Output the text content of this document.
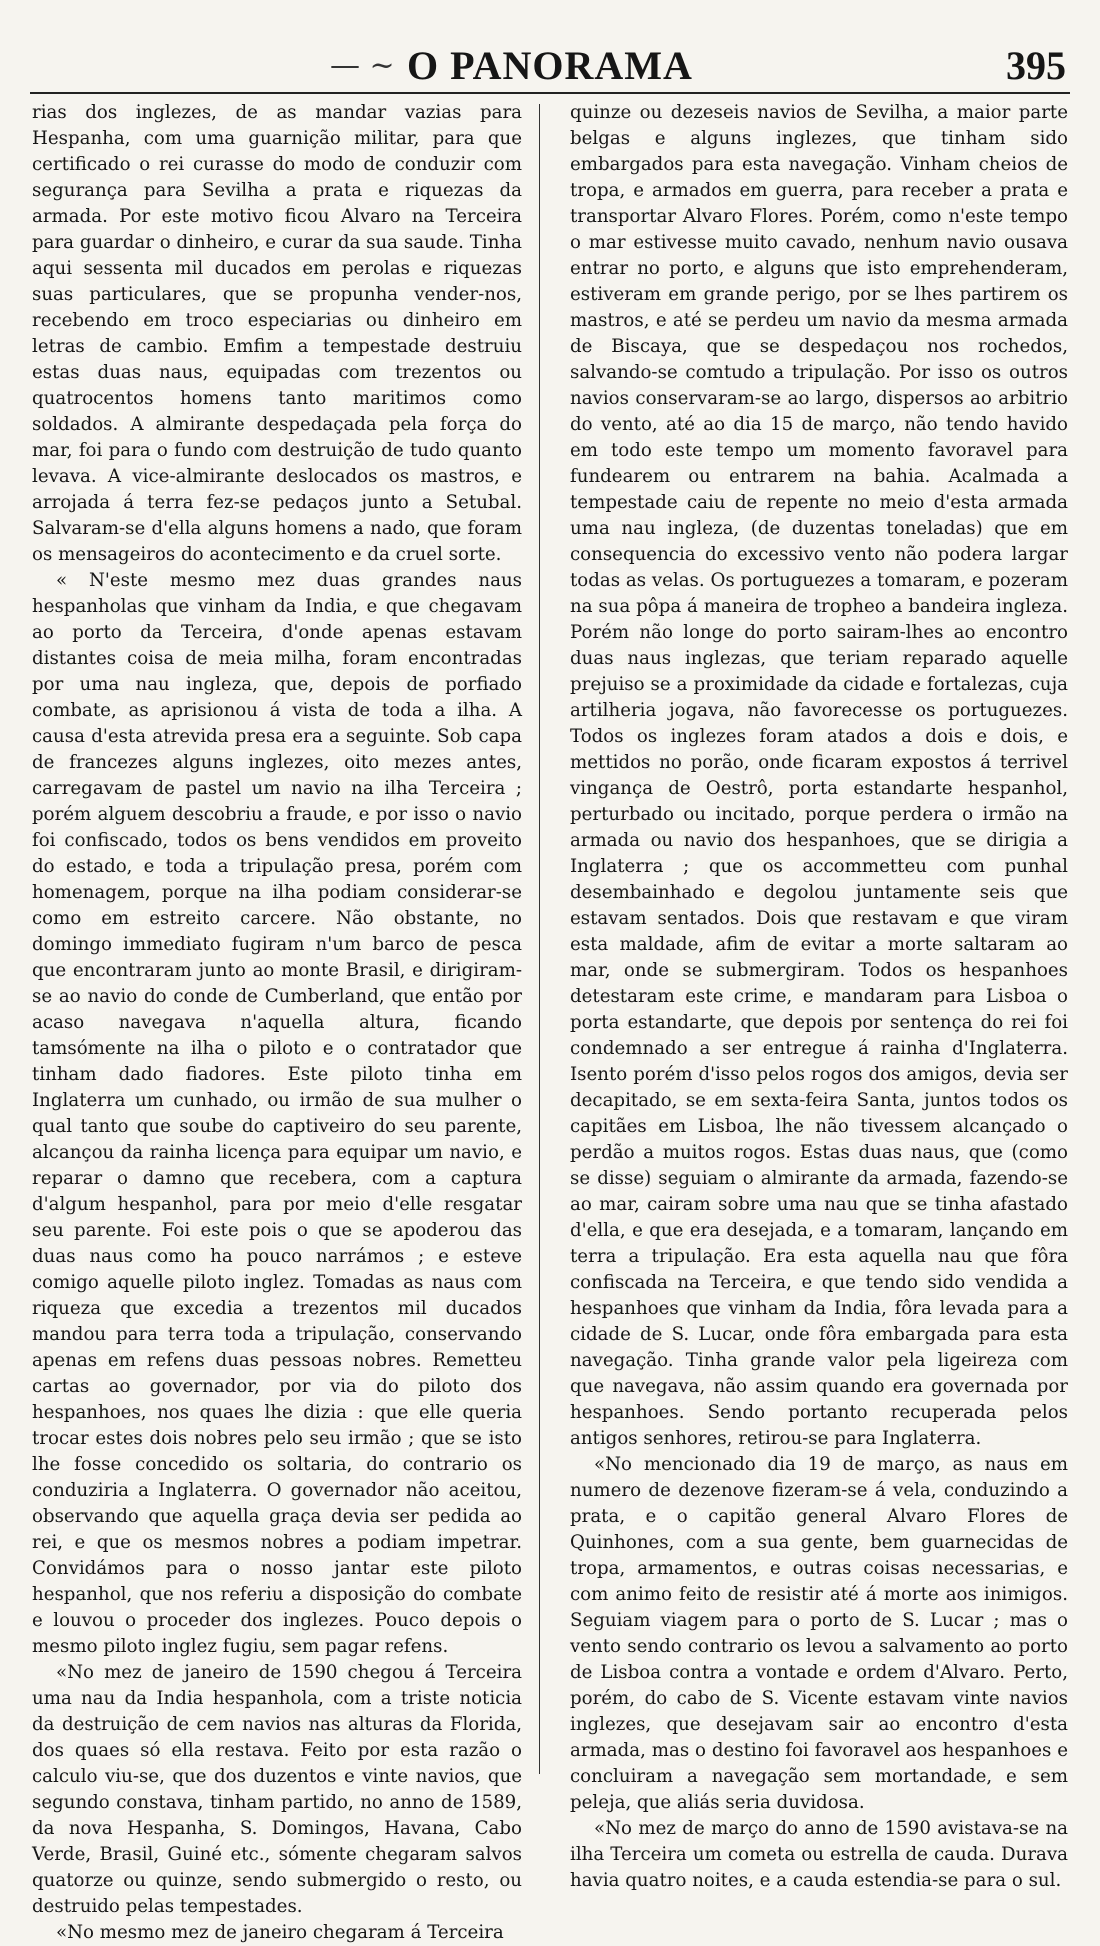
— ~ O PANORAMA	395

rias dos inglezes, de as mandar vazias para Hespanha, com uma guarnição militar, para que certificado o rei curasse do modo de conduzir com segurança para Sevilha a prata e riquezas da armada. Por este motivo ficou Alvaro na Terceira para guardar o dinheiro, e curar da sua saude. Tinha aqui sessenta mil ducados em perolas e riquezas suas particulares, que se propunha vender-nos, recebendo em troco especiarias ou dinheiro em letras de cambio. Emfim a tempestade destruiu estas duas naus, equipadas com trezentos ou quatrocentos homens tanto maritimos como soldados. A almirante despedaçada pela força do mar, foi para o fundo com destruição de tudo quanto levava. A vice-almirante deslocados os mastros, e arrojada á terra fez-se pedaços junto a Setubal. Salvaram-se d'ella alguns homens a nado, que foram os mensageiros do acontecimento e da cruel sorte.

« N'este mesmo mez duas grandes naus hespanholas que vinham da India, e que chegavam ao porto da Terceira, d'onde apenas estavam distantes coisa de meia milha, foram encontradas por uma nau ingleza, que, depois de porfiado combate, as aprisionou á vista de toda a ilha. A causa d'esta atrevida presa era a seguinte. Sob capa de francezes alguns inglezes, oito mezes antes, carregavam de pastel um navio na ilha Terceira ; porém alguem descobriu a fraude, e por isso o navio foi confiscado, todos os bens vendidos em proveito do estado, e toda a tripulação presa, porém com homenagem, porque na ilha podiam considerar-se como em estreito carcere. Não obstante, no domingo immediato fugiram n'um barco de pesca que encontraram junto ao monte Brasil, e dirigiram-se ao navio do conde de Cumberland, que então por acaso navegava n'aquella altura, ficando tamsómente na ilha o piloto e o contratador que tinham dado fiadores. Este piloto tinha em Inglaterra um cunhado, ou irmão de sua mulher o qual tanto que soube do captiveiro do seu parente, alcançou da rainha licença para equipar um navio, e reparar o damno que recebera, com a captura d'algum hespanhol, para por meio d'elle resgatar seu parente. Foi este pois o que se apoderou das duas naus como ha pouco narrámos ; e esteve comigo aquelle piloto inglez. Tomadas as naus com riqueza que excedia a trezentos mil ducados mandou para terra toda a tripulação, conservando apenas em refens duas pessoas nobres. Remetteu cartas ao governador, por via do piloto dos hespanhoes, nos quaes lhe dizia : que elle queria trocar estes dois nobres pelo seu irmão ; que se isto lhe fosse concedido os soltaria, do contrario os conduziria a Inglaterra. O governador não aceitou, observando que aquella graça devia ser pedida ao rei, e que os mesmos nobres a podiam impetrar. Convidámos para o nosso jantar este piloto hespanhol, que nos referiu a disposição do combate e louvou o proceder dos inglezes. Pouco depois o mesmo piloto inglez fugiu, sem pagar refens.

«No mez de janeiro de 1590 chegou á Terceira uma nau da India hespanhola, com a triste noticia da destruição de cem navios nas alturas da Florida, dos quaes só ella restava. Feito por esta razão o calculo viu-se, que dos duzentos e vinte navios, que segundo constava, tinham partido, no anno de 1589, da nova Hespanha, S. Domingos, Havana, Cabo Verde, Brasil, Guiné etc., sómente chegaram salvos quatorze ou quinze, sendo submergido o resto, ou destruido pelas tempestades.

«No mesmo mez de janeiro chegaram á Terceira

quinze ou dezeseis navios de Sevilha, a maior parte belgas e alguns inglezes, que tinham sido embargados para esta navegação. Vinham cheios de tropa, e armados em guerra, para receber a prata e transportar Alvaro Flores. Porém, como n'este tempo o mar estivesse muito cavado, nenhum navio ousava entrar no porto, e alguns que isto emprehenderam, estiveram em grande perigo, por se lhes partirem os mastros, e até se perdeu um navio da mesma armada de Biscaya, que se despedaçou nos rochedos, salvando-se comtudo a tripulação. Por isso os outros navios conservaram-se ao largo, dispersos ao arbitrio do vento, até ao dia 15 de março, não tendo havido em todo este tempo um momento favoravel para fundearem ou entrarem na bahia. Acalmada a tempestade caiu de repente no meio d'esta armada uma nau ingleza, (de duzentas toneladas) que em consequencia do excessivo vento não podera largar todas as velas. Os portuguezes a tomaram, e pozeram na sua pôpa á maneira de tropheo a bandeira ingleza. Porém não longe do porto sairam-lhes ao encontro duas naus inglezas, que teriam reparado aquelle prejuiso se a proximidade da cidade e fortalezas, cuja artilheria jogava, não favorecesse os portuguezes. Todos os inglezes foram atados a dois e dois, e mettidos no porão, onde ficaram expostos á terrivel vingança de Oestrô, porta estandarte hespanhol, perturbado ou incitado, porque perdera o irmão na armada ou navio dos hespanhoes, que se dirigia a Inglaterra ; que os accommetteu com punhal desembainhado e degolou juntamente seis que estavam sentados. Dois que restavam e que viram esta maldade, afim de evitar a morte saltaram ao mar, onde se submergiram. Todos os hespanhoes detestaram este crime, e mandaram para Lisboa o porta estandarte, que depois por sentença do rei foi condemnado a ser entregue á rainha d'Inglaterra. Isento porém d'isso pelos rogos dos amigos, devia ser decapitado, se em sexta-feira Santa, juntos todos os capitães em Lisboa, lhe não tivessem alcançado o perdão a muitos rogos. Estas duas naus, que (como se disse) seguiam o almirante da armada, fazendo-se ao mar, cairam sobre uma nau que se tinha afastado d'ella, e que era desejada, e a tomaram, lançando em terra a tripulação. Era esta aquella nau que fôra confiscada na Terceira, e que tendo sido vendida a hespanhoes que vinham da India, fôra levada para a cidade de S. Lucar, onde fôra embargada para esta navegação. Tinha grande valor pela ligeireza com que navegava, não assim quando era governada por hespanhoes. Sendo portanto recuperada pelos antigos senhores, retirou-se para Inglaterra.

«No mencionado dia 19 de março, as naus em numero de dezenove fizeram-se á vela, conduzindo a prata, e o capitão general Alvaro Flores de Quinhones, com a sua gente, bem guarnecidas de tropa, armamentos, e outras coisas necessarias, e com animo feito de resistir até á morte aos inimigos. Seguiam viagem para o porto de S. Lucar ; mas o vento sendo contrario os levou a salvamento ao porto de Lisboa contra a vontade e ordem d'Alvaro. Perto, porém, do cabo de S. Vicente estavam vinte navios inglezes, que desejavam sair ao encontro d'esta armada, mas o destino foi favoravel aos hespanhoes e concluiram a navegação sem mortandade, e sem peleja, que aliás seria duvidosa.

«No mez de março do anno de 1590 avistava-se na ilha Terceira um cometa ou estrella de cauda. Durava havia quatro noites, e a cauda estendia-se para o sul.
